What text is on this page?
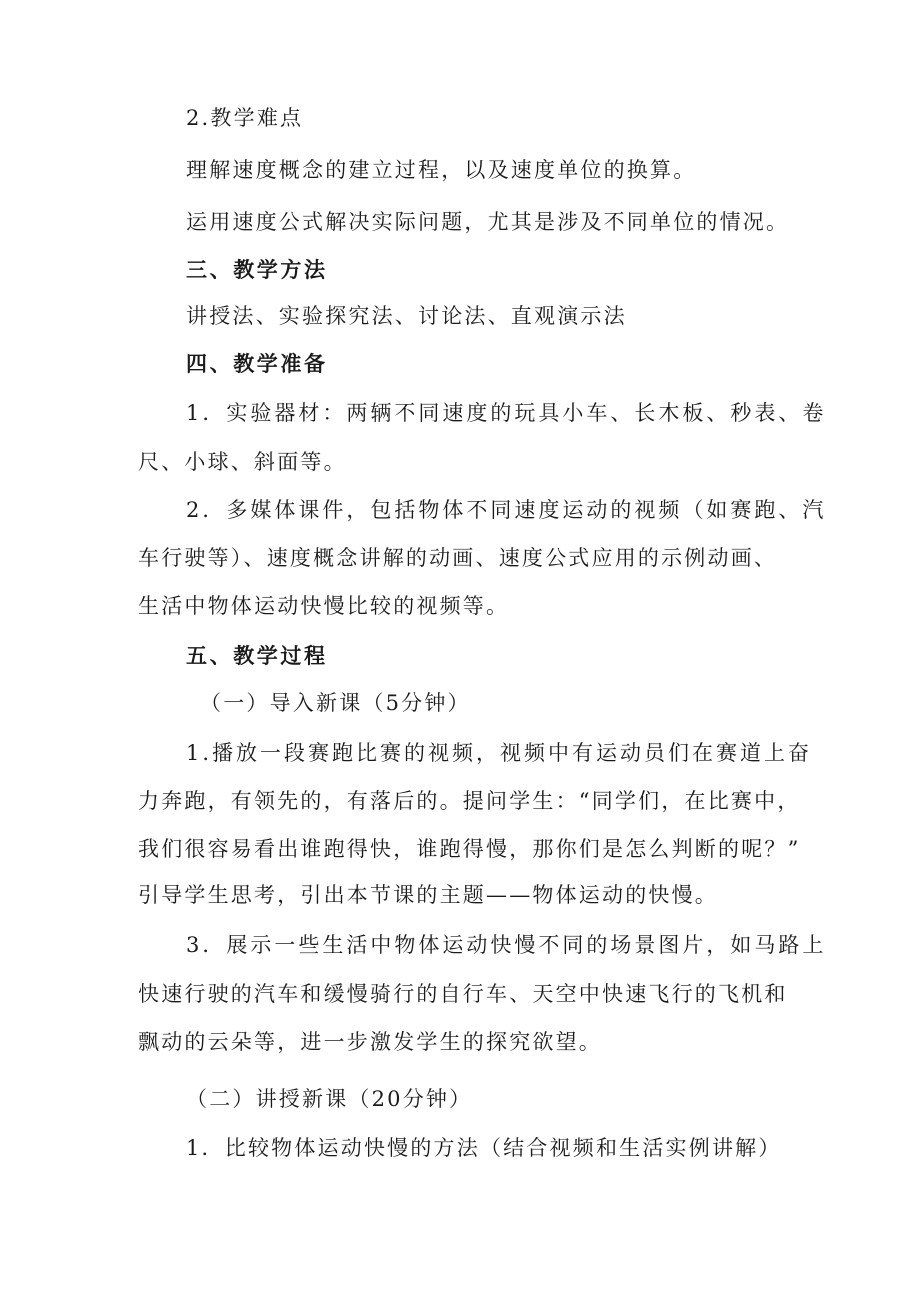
2.教学难点
理解速度概念的建立过程，以及速度单位的换算。
运用速度公式解决实际问题，尤其是涉及不同单位的情况。
三、教学方法
讲授法、实验探究法、讨论法、直观演示法
四、教学准备
1．实验器材：两辆不同速度的玩具小车、长木板、秒表、卷
尺、小球、斜面等。
2．多媒体课件，包括物体不同速度运动的视频（如赛跑、汽
车行驶等）、速度概念讲解的动画、速度公式应用的示例动画、
生活中物体运动快慢比较的视频等。
五、教学过程
（一）导入新课（5分钟）
1.播放一段赛跑比赛的视频，视频中有运动员们在赛道上奋
力奔跑，有领先的，有落后的。提问学生：“同学们，在比赛中，
我们很容易看出谁跑得快，谁跑得慢，那你们是怎么判断的呢？”
引导学生思考，引出本节课的主题——物体运动的快慢。
3．展示一些生活中物体运动快慢不同的场景图片，如马路上
快速行驶的汽车和缓慢骑行的自行车、天空中快速飞行的飞机和
飘动的云朵等，进一步激发学生的探究欲望。
（二）讲授新课（20分钟）
1．比较物体运动快慢的方法（结合视频和生活实例讲解）
